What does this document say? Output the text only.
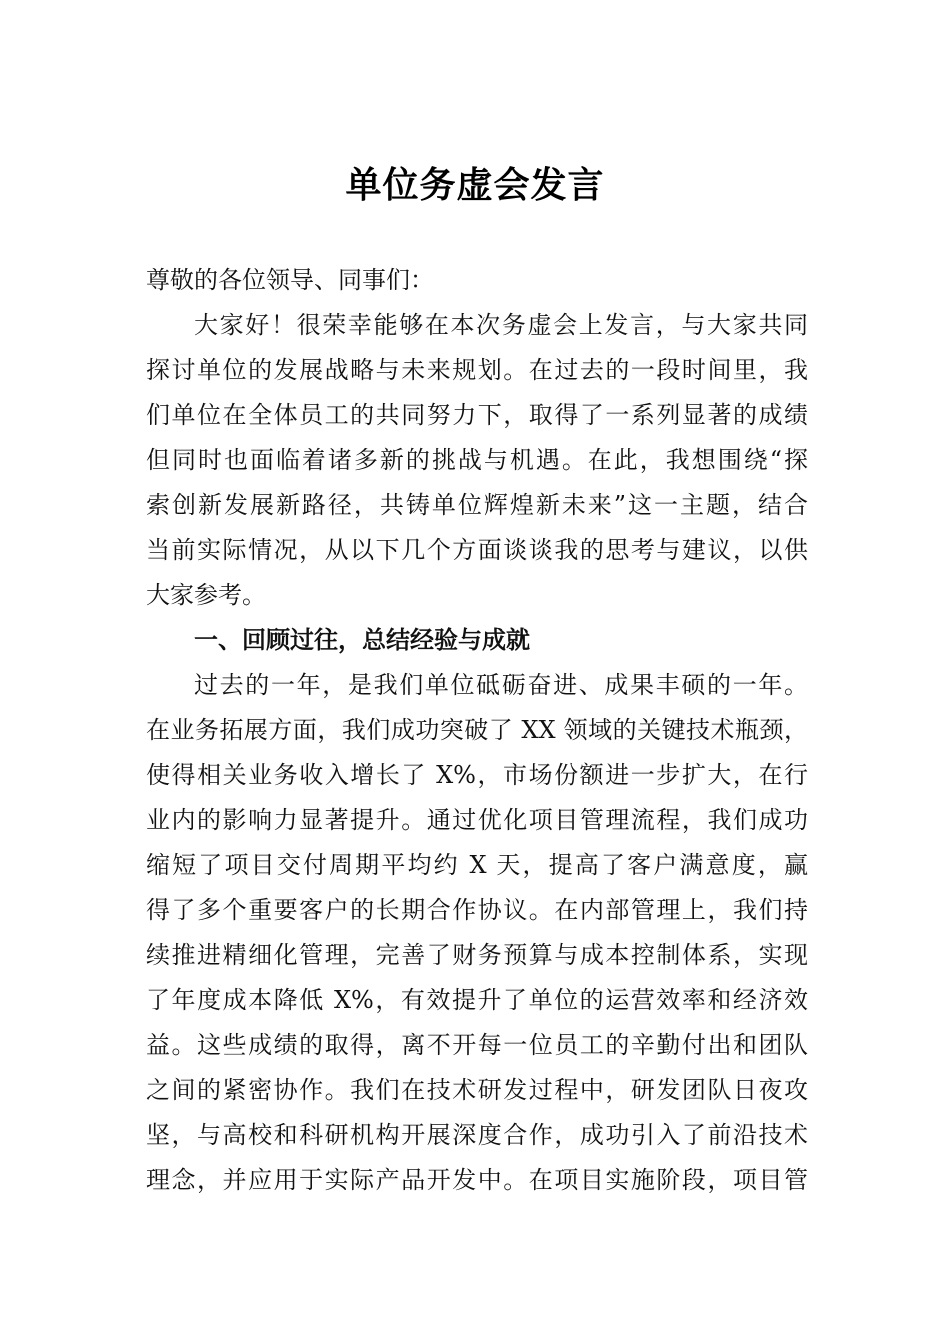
单位务虚会发言
尊敬的各位领导、同事们：
大家好！很荣幸能够在本次务虚会上发言，与大家共同
探讨单位的发展战略与未来规划。在过去的一段时间里，我
们单位在全体员工的共同努力下，取得了一系列显著的成绩
但同时也面临着诸多新的挑战与机遇。在此，我想围绕“探
索创新发展新路径，共铸单位辉煌新未来”这一主题，结合
当前实际情况，从以下几个方面谈谈我的思考与建议，以供
大家参考。
一、回顾过往，总结经验与成就
过去的一年，是我们单位砥砺奋进、成果丰硕的一年。
在业务拓展方面，我们成功突破了 XX 领域的关键技术瓶颈，
使得相关业务收入增长了 X%，市场份额进一步扩大，在行
业内的影响力显著提升。通过优化项目管理流程，我们成功
缩短了项目交付周期平均约 X 天，提高了客户满意度，赢
得了多个重要客户的长期合作协议。在内部管理上，我们持
续推进精细化管理，完善了财务预算与成本控制体系，实现
了年度成本降低 X%，有效提升了单位的运营效率和经济效
益。这些成绩的取得，离不开每一位员工的辛勤付出和团队
之间的紧密协作。我们在技术研发过程中，研发团队日夜攻
坚，与高校和科研机构开展深度合作，成功引入了前沿技术
理念，并应用于实际产品开发中。在项目实施阶段，项目管
